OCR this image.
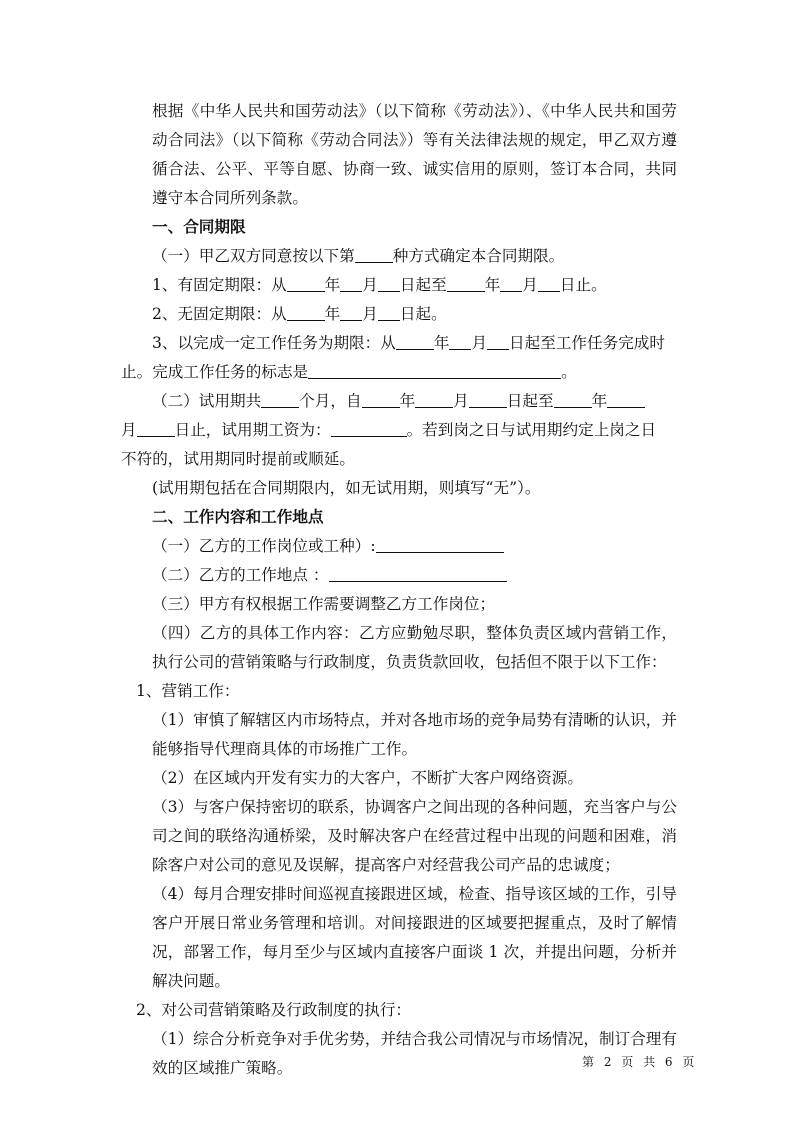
根据《中华人民共和国劳动法》（以下简称《劳动法》）、《中华人民共和国劳动合同法》（以下简称《劳动合同法》）等有关法律法规的规定，甲乙双方遵循合法、公平、平等自愿、协商一致、诚实信用的原则，签订本合同，共同遵守本合同所列条款。

一、合同期限

（一）甲乙双方同意按以下第 种方式确定本合同期限。

1、有固定期限：从 年 月 日起至 年 月 日止。

2、无固定期限：从 年 月 日起。

3、以完成一定工作任务为期限：从 年 月 日起至工作任务完成时

止。完成工作任务的标志是	。

（二）试用期共 个月，自 年 月 日起至 年

月 日止，试用期工资为：	。若到岗之日与试用期约定上岗之日

不符的，试用期同时提前或顺延。

(试用期包括在合同期限内，如无试用期，则填写“无”）。

二、工作内容和工作地点

（一）乙方的工作岗位或工种）:

（二）乙方的工作地点 ：

（三）甲方有权根据工作需要调整乙方工作岗位；

（四）乙方的具体工作内容：乙方应勤勉尽职，整体负责区域内营销工作，执行公司的营销策略与行政制度，负责货款回收，包括但不限于以下工作：

1、营销工作：

（1）审慎了解辖区内市场特点，并对各地市场的竞争局势有清晰的认识，并能够指导代理商具体的市场推广工作。

（2）在区域内开发有实力的大客户，不断扩大客户网络资源。

（3）与客户保持密切的联系，协调客户之间出现的各种问题，充当客户与公司之间的联络沟通桥梁，及时解决客户在经营过程中出现的问题和困难，消除客户对公司的意见及误解，提高客户对经营我公司产品的忠诚度；

（4）每月合理安排时间巡视直接跟进区域，检查、指导该区域的工作，引导客户开展日常业务管理和培训。对间接跟进的区域要把握重点，及时了解情况，部署工作，每月至少与区域内直接客户面谈 1 次，并提出问题，分析并解决问题。

2、对公司营销策略及行政制度的执行：

（1）综合分析竞争对手优劣势，并结合我公司情况与市场情况，制订合理有效的区域推广策略。	第 2 页 共 6 页
